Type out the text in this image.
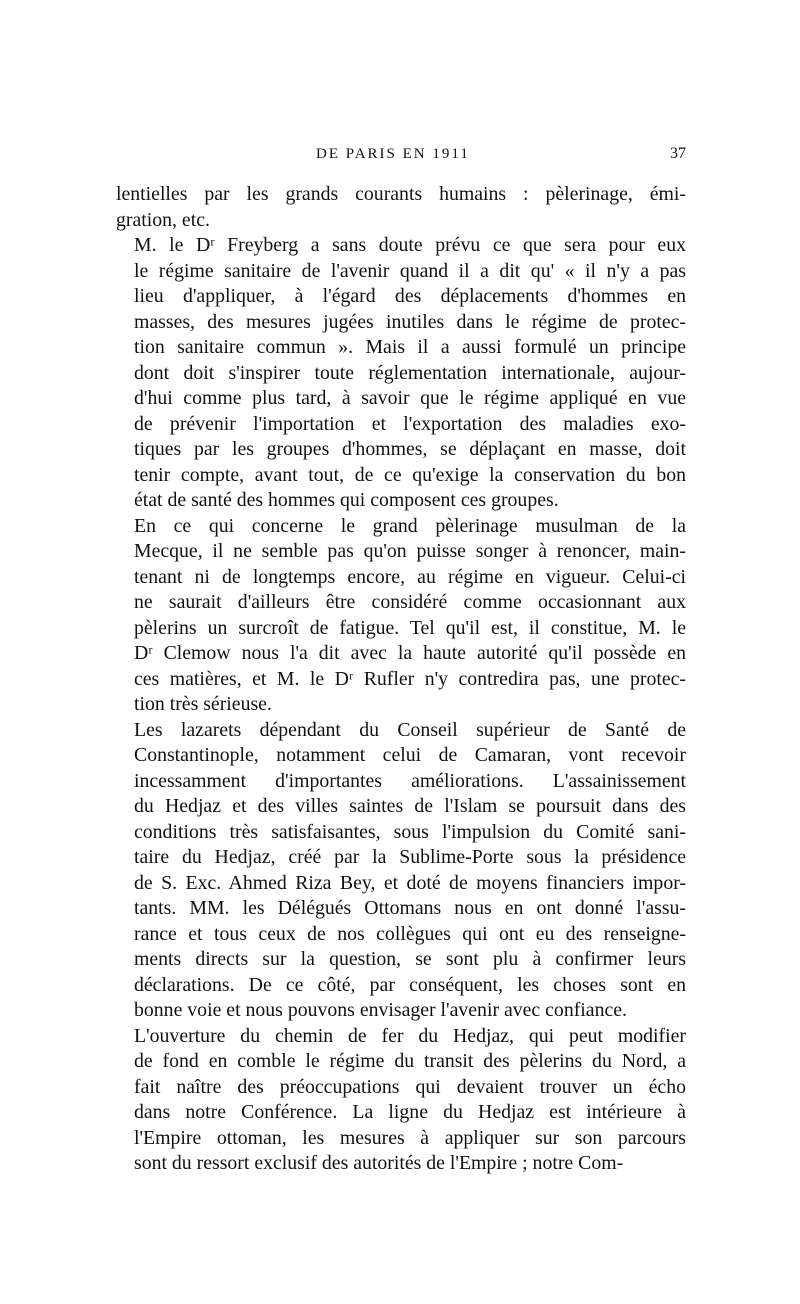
DE PARIS EN 1911	37

lentielles par les grands courants humains : pèlerinage, émi-
gration, etc.

M. le Dʳ Freyberg a sans doute prévu ce que sera pour eux
le régime sanitaire de l'avenir quand il a dit qu' « il n'y a pas
lieu d'appliquer, à l'égard des déplacements d'hommes en
masses, des mesures jugées inutiles dans le régime de protec-
tion sanitaire commun ». Mais il a aussi formulé un principe
dont doit s'inspirer toute réglementation internationale, aujour-
d'hui comme plus tard, à savoir que le régime appliqué en vue
de prévenir l'importation et l'exportation des maladies exo-
tiques par les groupes d'hommes, se déplaçant en masse, doit
tenir compte, avant tout, de ce qu'exige la conservation du bon
état de santé des hommes qui composent ces groupes.

En ce qui concerne le grand pèlerinage musulman de la
Mecque, il ne semble pas qu'on puisse songer à renoncer, main-
tenant ni de longtemps encore, au régime en vigueur. Celui-ci
ne saurait d'ailleurs être considéré comme occasionnant aux
pèlerins un surcroît de fatigue. Tel qu'il est, il constitue, M. le
Dʳ Clemow nous l'a dit avec la haute autorité qu'il possède en
ces matières, et M. le Dʳ Rufler n'y contredira pas, une protec-
tion très sérieuse.

Les lazarets dépendant du Conseil supérieur de Santé de
Constantinople, notamment celui de Camaran, vont recevoir
incessamment d'importantes améliorations. L'assainissement
du Hedjaz et des villes saintes de l'Islam se poursuit dans des
conditions très satisfaisantes, sous l'impulsion du Comité sani-
taire du Hedjaz, créé par la Sublime-Porte sous la présidence
de S. Exc. Ahmed Riza Bey, et doté de moyens financiers impor-
tants. MM. les Délégués Ottomans nous en ont donné l'assu-
rance et tous ceux de nos collègues qui ont eu des renseigne-
ments directs sur la question, se sont plu à confirmer leurs
déclarations. De ce côté, par conséquent, les choses sont en
bonne voie et nous pouvons envisager l'avenir avec confiance.

L'ouverture du chemin de fer du Hedjaz, qui peut modifier
de fond en comble le régime du transit des pèlerins du Nord, a
fait naître des préoccupations qui devaient trouver un écho
dans notre Conférence. La ligne du Hedjaz est intérieure à
l'Empire ottoman, les mesures à appliquer sur son parcours
sont du ressort exclusif des autorités de l'Empire ; notre Com-
